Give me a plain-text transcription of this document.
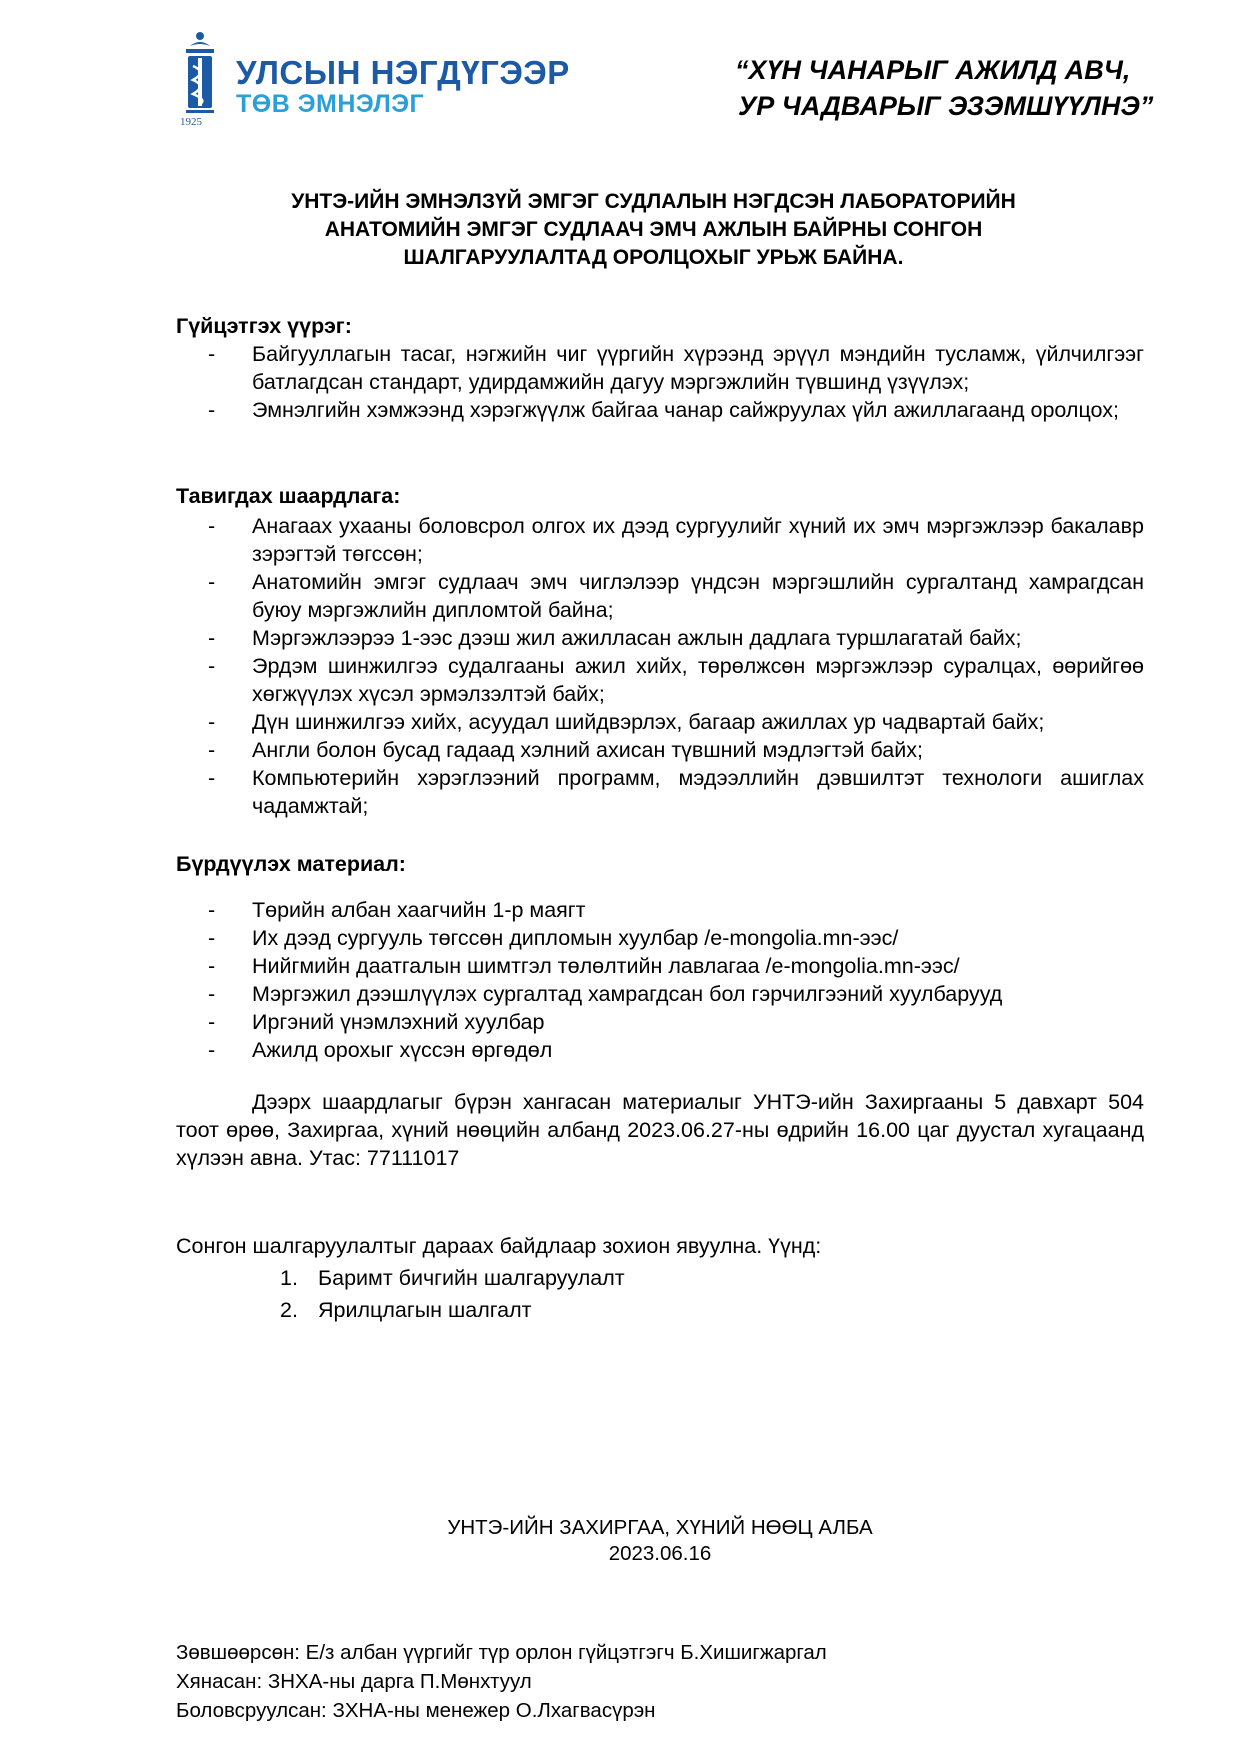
УЛСЫН НЭГДҮГЭЭР
ТӨВ ЭМНЭЛЭГ
1925
“ХҮН ЧАНАРЫГ АЖИЛД АВЧ,
УР ЧАДВАРЫГ ЭЗЭМШҮҮЛНЭ”
УНТЭ-ИЙН ЭМНЭЛЗҮЙ ЭМГЭГ СУДЛАЛЫН НЭГДСЭН ЛАБОРАТОРИЙН
АНАТОМИЙН ЭМГЭГ СУДЛААЧ ЭМЧ АЖЛЫН БАЙРНЫ СОНГОН
ШАЛГАРУУЛАЛТАД ОРОЛЦОХЫГ УРЬЖ БАЙНА.

Гүйцэтгэх үүрэг:

- Байгууллагын тасаг, нэгжийн чиг үүргийн хүрээнд эрүүл мэндийн тусламж, үйлчилгээг батлагдсан стандарт, удирдамжийн дагуу мэргэжлийн түвшинд үзүүлэх;
- Эмнэлгийн хэмжээнд хэрэгжүүлж байгаа чанар сайжруулах үйл ажиллагаанд оролцох;

Тавигдах шаардлага:

- Анагаах ухааны боловсрол олгох их дээд сургуулийг хүний их эмч мэргэжлээр бакалавр зэрэгтэй төгссөн;
- Анатомийн эмгэг судлаач эмч чиглэлээр үндсэн мэргэшлийн сургалтанд хамрагдсан буюу мэргэжлийн дипломтой байна;
- Мэргэжлээрээ 1-ээс дээш жил ажилласан ажлын дадлага туршлагатай байх;
- Эрдэм шинжилгээ судалгааны ажил хийх, төрөлжсөн мэргэжлээр суралцах, өөрийгөө хөгжүүлэх хүсэл эрмэлзэлтэй байх;
- Дүн шинжилгээ хийх, асуудал шийдвэрлэх, багаар ажиллах ур чадвартай байх;
- Англи болон бусад гадаад хэлний ахисан түвшний мэдлэгтэй байх;
- Компьютерийн хэрэглээний программ, мэдээллийн дэвшилтэт технологи ашиглах чадамжтай;

Бүрдүүлэх материал:

- Төрийн албан хаагчийн 1-р маягт
- Их дээд сургууль төгссөн дипломын хуулбар /e-mongolia.mn-ээс/
- Нийгмийн даатгалын шимтгэл төлөлтийн лавлагаа /e-mongolia.mn-ээс/
- Мэргэжил дээшлүүлэх сургалтад хамрагдсан бол гэрчилгээний хуулбарууд
- Иргэний үнэмлэхний хуулбар
- Ажилд орохыг хүссэн өргөдөл

Дээрх шаардлагыг бүрэн хангасан материалыг УНТЭ-ийн Захиргааны 5 давхарт 504 тоот өрөө, Захиргаа, хүний нөөцийн албанд 2023.06.27-ны өдрийн 16.00 цаг дуустал хугацаанд хүлээн авна. Утас: 77111017

Сонгон шалгаруулалтыг дараах байдлаар зохион явуулна. Үүнд:

1. Баримт бичгийн шалгаруулалт
2. Ярилцлагын шалгалт
УНТЭ-ИЙН ЗАХИРГАА, ХҮНИЙ НӨӨЦ АЛБА
2023.06.16
Зөвшөөрсөн: Е/з албан үүргийг түр орлон гүйцэтгэгч Б.Хишигжаргал
Хянасан: ЗНХА-ны дарга П.Мөнхтуул
Боловсруулсан: ЗХНА-ны менежер О.Лхагвасүрэн
